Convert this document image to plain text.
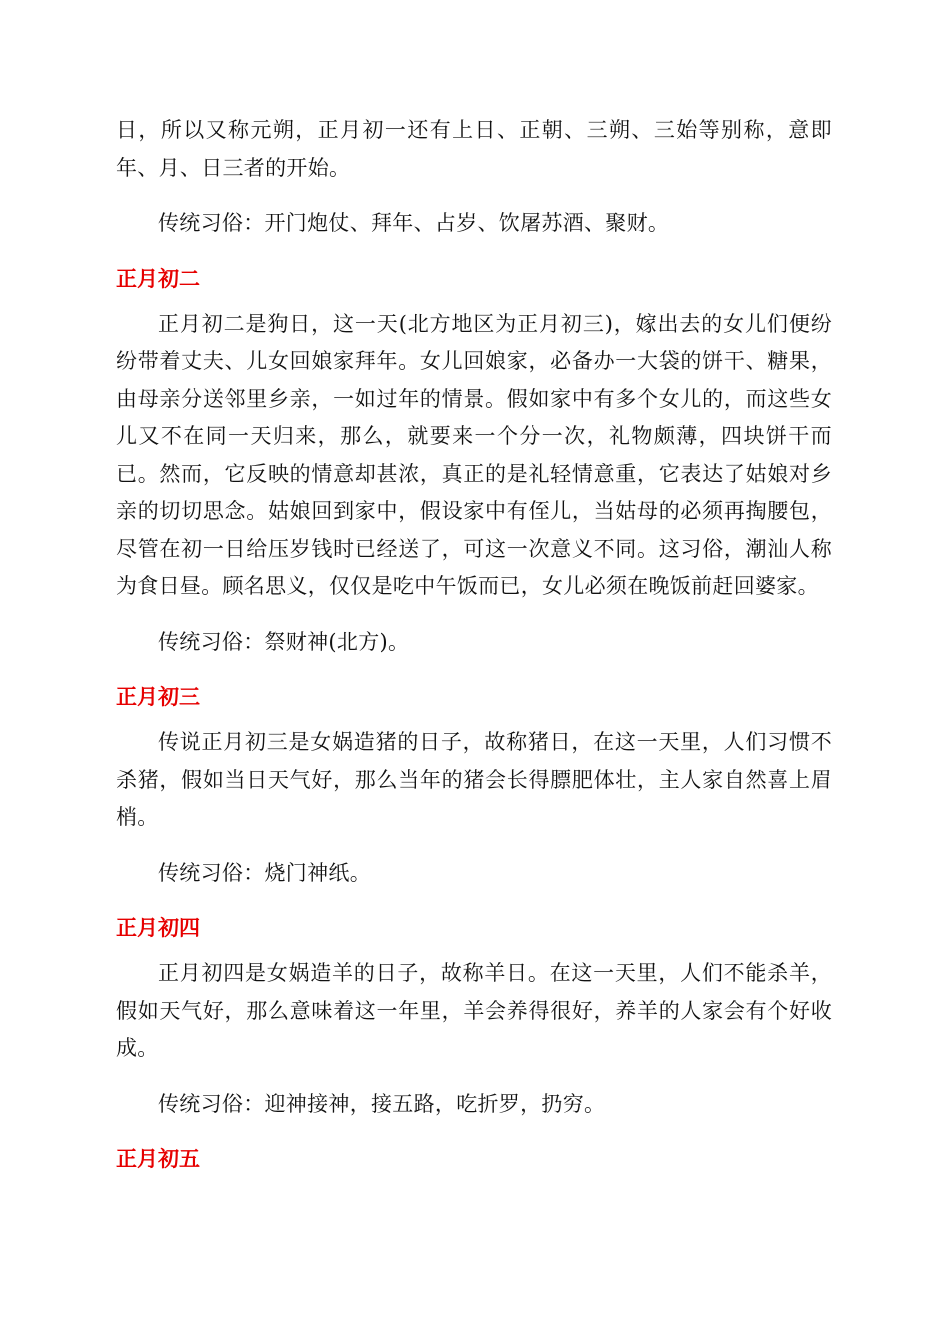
日，所以又称元朔，正月初一还有上日、正朝、三朔、三始等别称，意即年、月、日三者的开始。

传统习俗：开门炮仗、拜年、占岁、饮屠苏酒、聚财。

正月初二

正月初二是狗日，这一天(北方地区为正月初三)，嫁出去的女儿们便纷纷带着丈夫、儿女回娘家拜年。女儿回娘家，必备办一大袋的饼干、糖果，由母亲分送邻里乡亲，一如过年的情景。假如家中有多个女儿的，而这些女儿又不在同一天归来，那么，就要来一个分一次，礼物颇薄，四块饼干而已。然而，它反映的情意却甚浓，真正的是礼轻情意重，它表达了姑娘对乡亲的切切思念。姑娘回到家中，假设家中有侄儿，当姑母的必须再掏腰包，尽管在初一日给压岁钱时已经送了，可这一次意义不同。这习俗，潮汕人称为食日昼。顾名思义，仅仅是吃中午饭而已，女儿必须在晚饭前赶回婆家。

传统习俗：祭财神(北方)。

正月初三

传说正月初三是女娲造猪的日子，故称猪日，在这一天里，人们习惯不杀猪，假如当日天气好，那么当年的猪会长得膘肥体壮，主人家自然喜上眉梢。

传统习俗：烧门神纸。

正月初四

正月初四是女娲造羊的日子，故称羊日。在这一天里，人们不能杀羊，假如天气好，那么意味着这一年里，羊会养得很好，养羊的人家会有个好收成。

传统习俗：迎神接神，接五路，吃折罗，扔穷。

正月初五
